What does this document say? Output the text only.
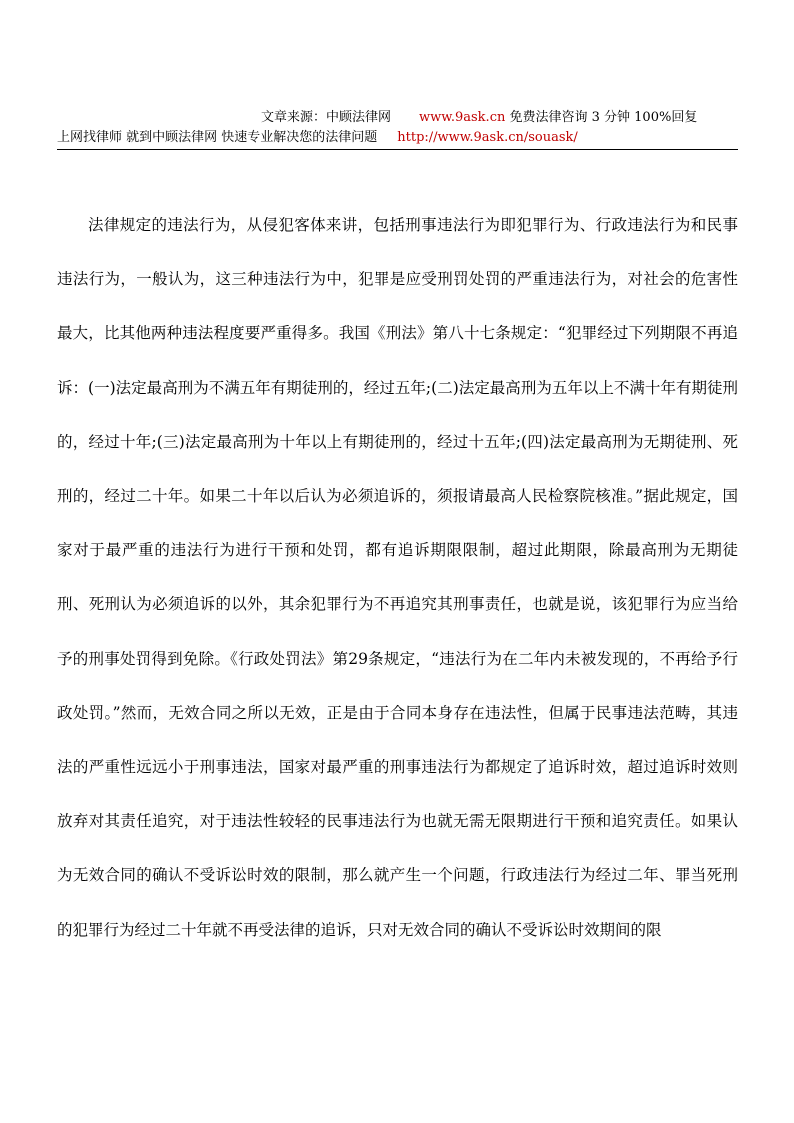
文章来源：中顾法律网 www.9ask.cn 免费法律咨询 3 分钟 100%回复
上网找律师 就到中顾法律网 快速专业解决您的法律问题 http://www.9ask.cn/souask/

法律规定的违法行为，从侵犯客体来讲，包括刑事违法行为即犯罪行为、行政违法行为和民事违法行为，一般认为，这三种违法行为中，犯罪是应受刑罚处罚的严重违法行为，对社会的危害性最大，比其他两种违法程度要严重得多。我国《刑法》第八十七条规定：“犯罪经过下列期限不再追诉：(一)法定最高刑为不满五年有期徒刑的，经过五年;(二)法定最高刑为五年以上不满十年有期徒刑的，经过十年;(三)法定最高刑为十年以上有期徒刑的，经过十五年;(四)法定最高刑为无期徒刑、死刑的，经过二十年。如果二十年以后认为必须追诉的，须报请最高人民检察院核准。”据此规定，国家对于最严重的违法行为进行干预和处罚，都有追诉期限限制，超过此期限，除最高刑为无期徒刑、死刑认为必须追诉的以外，其余犯罪行为不再追究其刑事责任，也就是说，该犯罪行为应当给予的刑事处罚得到免除。《行政处罚法》第29条规定，“违法行为在二年内未被发现的，不再给予行政处罚。”然而，无效合同之所以无效，正是由于合同本身存在违法性，但属于民事违法范畴，其违法的严重性远远小于刑事违法，国家对最严重的刑事违法行为都规定了追诉时效，超过追诉时效则放弃对其责任追究，对于违法性较轻的民事违法行为也就无需无限期进行干预和追究责任。如果认为无效合同的确认不受诉讼时效的限制，那么就产生一个问题，行政违法行为经过二年、罪当死刑的犯罪行为经过二十年就不再受法律的追诉，只对无效合同的确认不受诉讼时效期间的限
